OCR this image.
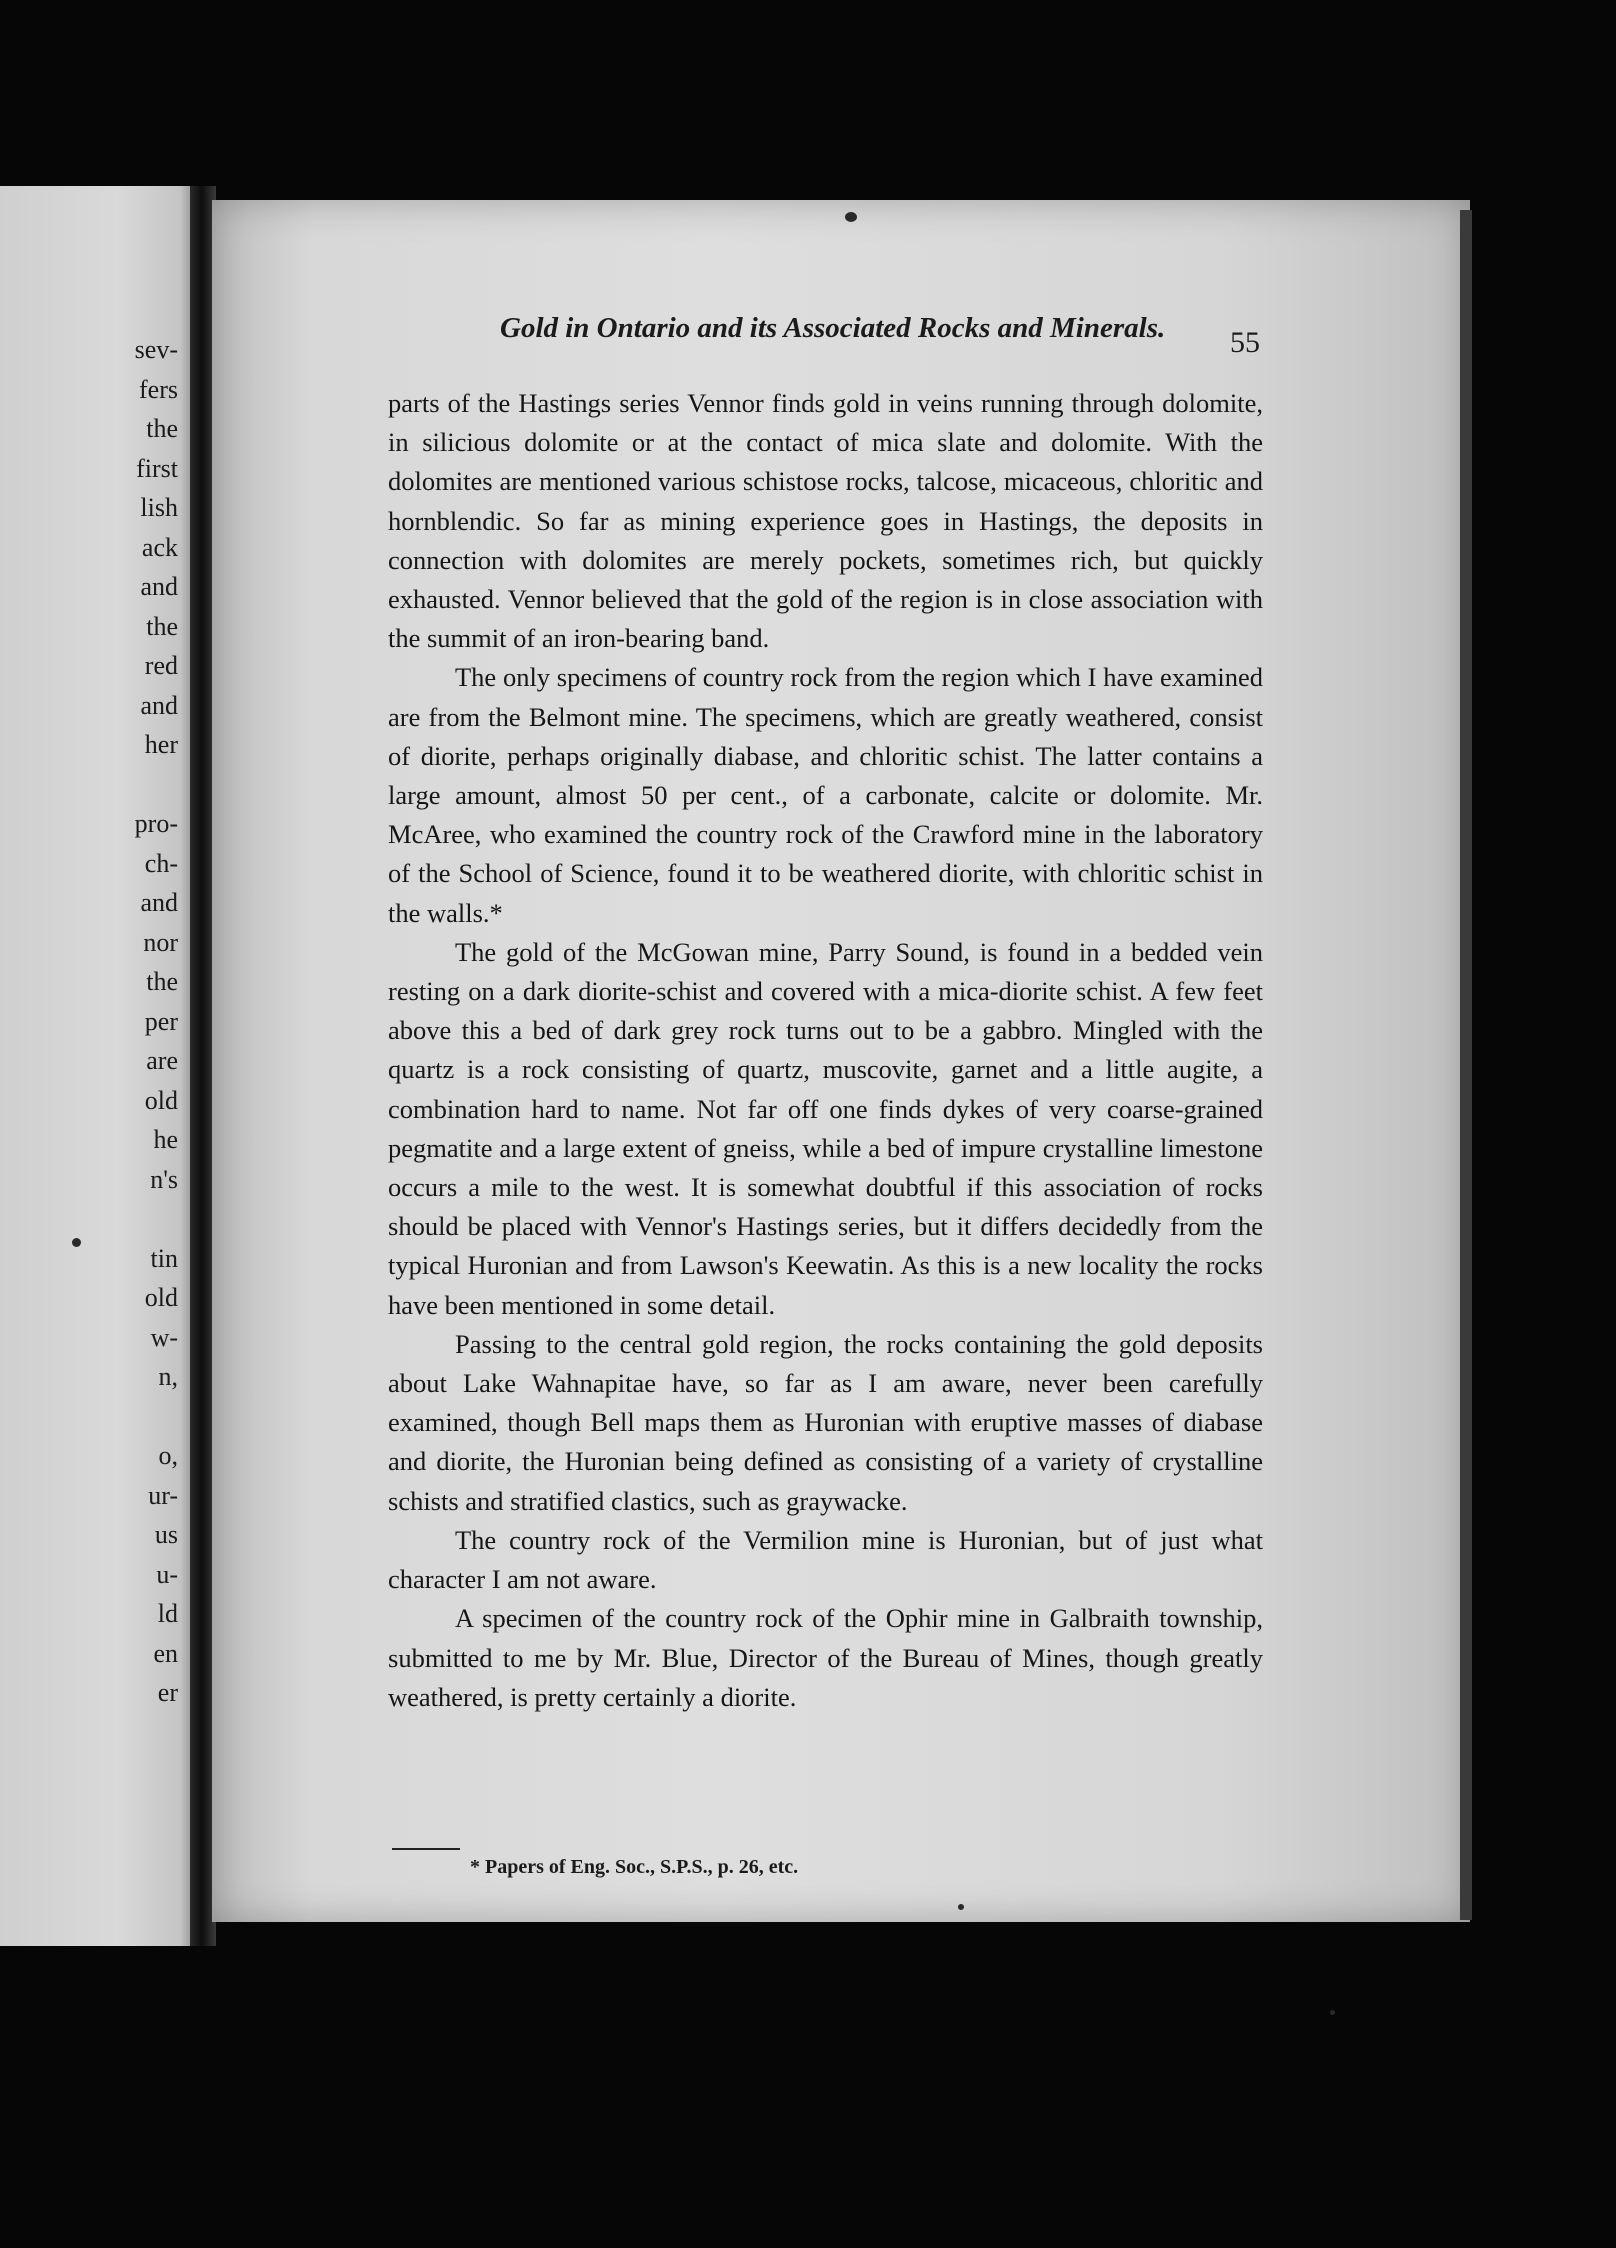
sev-
fers
the
first
lish
ack
and
the
red
and
her
pro-
ch-
and
nor
the
per
are
old
he
n's
tin
old
w-
n,
o,
ur-
us
u-
ld
en
er
Gold in Ontario and its Associated Rocks and Minerals.	55

parts of the Hastings series Vennor finds gold in veins running through dolomite, in silicious dolomite or at the contact of mica slate and dolomite. With the dolomites are mentioned various schistose rocks, talcose, micaceous, chloritic and hornblendic. So far as mining experience goes in Hastings, the deposits in connection with dolomites are merely pockets, sometimes rich, but quickly exhausted. Vennor believed that the gold of the region is in close association with the summit of an iron-bearing band.

The only specimens of country rock from the region which I have examined are from the Belmont mine. The specimens, which are greatly weathered, consist of diorite, perhaps originally diabase, and chloritic schist. The latter contains a large amount, almost 50 per cent., of a carbonate, calcite or dolomite. Mr. McAree, who examined the country rock of the Crawford mine in the laboratory of the School of Science, found it to be weathered diorite, with chloritic schist in the walls.*

The gold of the McGowan mine, Parry Sound, is found in a bedded vein resting on a dark diorite-schist and covered with a mica-diorite schist. A few feet above this a bed of dark grey rock turns out to be a gabbro. Mingled with the quartz is a rock consisting of quartz, muscovite, garnet and a little augite, a combination hard to name. Not far off one finds dykes of very coarse-grained pegmatite and a large extent of gneiss, while a bed of impure crystalline limestone occurs a mile to the west. It is somewhat doubtful if this association of rocks should be placed with Vennor's Hastings series, but it differs decidedly from the typical Huronian and from Lawson's Keewatin. As this is a new locality the rocks have been mentioned in some detail.

Passing to the central gold region, the rocks containing the gold deposits about Lake Wahnapitae have, so far as I am aware, never been carefully examined, though Bell maps them as Huronian with eruptive masses of diabase and diorite, the Huronian being defined as consisting of a variety of crystalline schists and stratified clastics, such as graywacke.

The country rock of the Vermilion mine is Huronian, but of just what character I am not aware.

A specimen of the country rock of the Ophir mine in Galbraith township, submitted to me by Mr. Blue, Director of the Bureau of Mines, though greatly weathered, is pretty certainly a diorite.

* Papers of Eng. Soc., S.P.S., p. 26, etc.
